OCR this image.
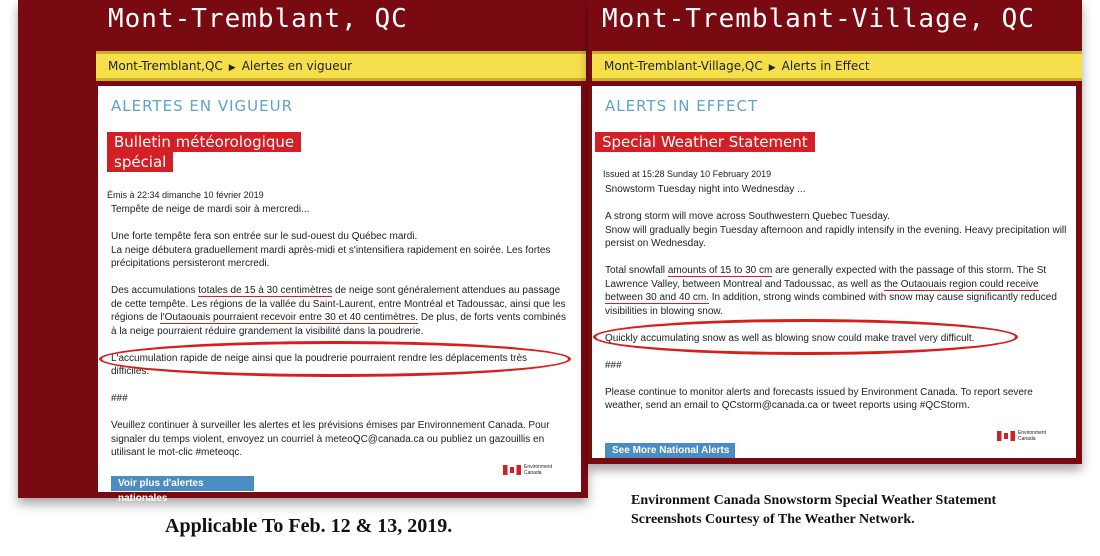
Mont-Tremblant, QC
Mont-Tremblant,QC ▶ Alertes en vigueur
ALERTES EN VIGUEUR
Bulletin météorologique
spécial
Émis à 22:34 dimanche 10 février 2019

Tempête de neige de mardi soir à mercredi...

Une forte tempête fera son entrée sur le sud-ouest du Québec mardi.
La neige débutera graduellement mardi après-midi et s'intensifiera rapidement en soirée. Les fortes précipitations persisteront mercredi.

Des accumulations totales de 15 à 30 centimètres de neige sont généralement attendues au passage de cette tempête. Les régions de la vallée du Saint-Laurent, entre Montréal et Tadoussac, ainsi que les régions de l'Outaouais pourraient recevoir entre 30 et 40 centimètres. De plus, de forts vents combinés à la neige pourraient réduire grandement la visibilité dans la poudrerie.

L'accumulation rapide de neige ainsi que la poudrerie pourraient rendre les déplacements très difficiles.

###

Veuillez continuer à surveiller les alertes et les prévisions émises par Environnement Canada. Pour signaler du temps violent, envoyez un courriel à meteoQC@canada.ca ou publiez un gazouillis en utilisant le mot-clic #meteoqc.

Voir plus d'alertes nationales
Environment
Canada
Mont-Tremblant-Village, QC
Mont-Tremblant-Village,QC ▶ Alerts in Effect
ALERTS IN EFFECT
Special Weather Statement
Issued at 15:28 Sunday 10 February 2019

Snowstorm Tuesday night into Wednesday ...

A strong storm will move across Southwestern Quebec Tuesday.
Snow will gradually begin Tuesday afternoon and rapidly intensify in the evening. Heavy precipitation will persist on Wednesday.

Total snowfall amounts of 15 to 30 cm are generally expected with the passage of this storm. The St Lawrence Valley, between Montreal and Tadoussac, as well as the Outaouais region could receive between 30 and 40 cm. In addition, strong winds combined with snow may cause significantly reduced visibilities in blowing snow.

Quickly accumulating snow as well as blowing snow could make travel very difficult.

###

Please continue to monitor alerts and forecasts issued by Environment Canada. To report severe weather, send an email to QCstorm@canada.ca or tweet reports using #QCStorm.

See More National Alerts
Environment
Canada
Applicable To Feb. 12 & 13, 2019.
Environment Canada Snowstorm Special Weather Statement
Screenshots Courtesy of The Weather Network.
